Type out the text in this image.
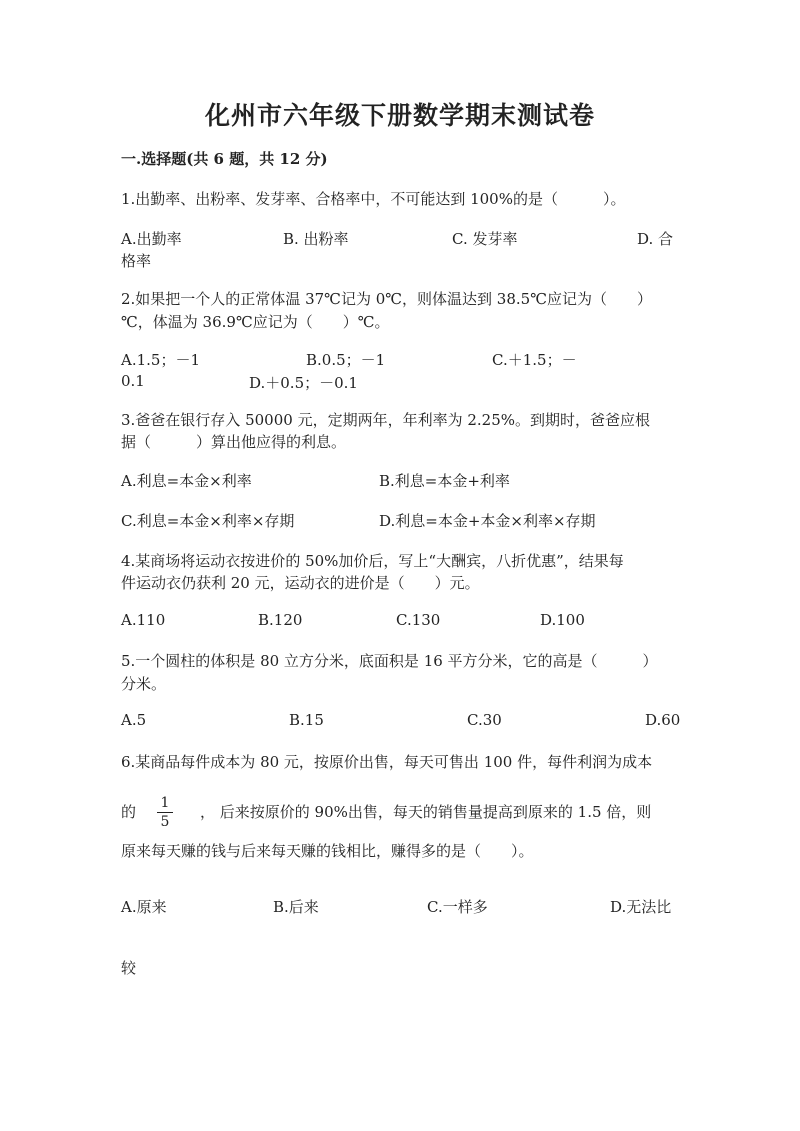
化州市六年级下册数学期末测试卷
一.选择题(共 6 题，共 12 分)
1.出勤率、出粉率、发芽率、合格率中，不可能达到 100%的是（　　　）。
A.出勤率	B. 出粉率	C. 发芽率	D. 合
格率
2.如果把一个人的正常体温 37℃记为 0℃，则体温达到 38.5℃应记为（　　）
℃，体温为 36.9℃应记为（　　）℃。
A.1.5；－1	B.0.5；－1	C.＋1.5；－
0.1	D.＋0.5；－0.1
3.爸爸在银行存入 50000 元，定期两年，年利率为 2.25%。到期时，爸爸应根
据（　　　）算出他应得的利息。
A.利息=本金×利率	B.利息=本金+利率
C.利息=本金×利率×存期	D.利息=本金+本金×利率×存期
4.某商场将运动衣按进价的 50%加价后，写上“大酬宾，八折优惠”，结果每
件运动衣仍获利 20 元，运动衣的进价是（　　）元。
A.110	B.120	C.130	D.100
5.一个圆柱的体积是 80 立方分米，底面积是 16 平方分米，它的高是（　　　）
分米。
A.5	B.15	C.30	D.60
6.某商品每件成本为 80 元，按原价出售，每天可售出 100 件，每件利润为成本
的 1
5
， 后来按原价的 90%出售，每天的销售量提高到原来的 1.5 倍，则
原来每天赚的钱与后来每天赚的钱相比，赚得多的是（　　）。
A.原来	B.后来	C.一样多	D.无法比
较
